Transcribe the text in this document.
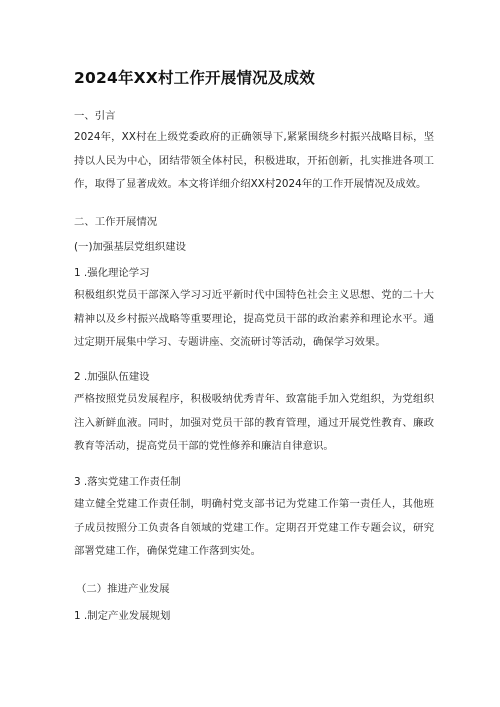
2024年XX村工作开展情况及成效
一、引言
2024年，XX村在上级党委政府的正确领导下,紧紧围绕乡村振兴战略目标，坚持以人民为中心，团结带领全体村民，积极进取，开拓创新，扎实推进各项工作，取得了显著成效。本文将详细介绍XX村2024年的工作开展情况及成效。
二、工作开展情况
(一)加强基层党组织建设
1 .强化理论学习
积极组织党员干部深入学习习近平新时代中国特色社会主义思想、党的二十大精神以及乡村振兴战略等重要理论，提高党员干部的政治素养和理论水平。通过定期开展集中学习、专题讲座、交流研讨等活动，确保学习效果。
2 .加强队伍建设
严格按照党员发展程序，积极吸纳优秀青年、致富能手加入党组织，为党组织注入新鲜血液。同时，加强对党员干部的教育管理，通过开展党性教育、廉政教育等活动，提高党员干部的党性修养和廉洁自律意识。
3 .落实党建工作责任制
建立健全党建工作责任制，明确村党支部书记为党建工作第一责任人，其他班子成员按照分工负责各自领域的党建工作。定期召开党建工作专题会议，研究部署党建工作，确保党建工作落到实处。
（二）推进产业发展
1 .制定产业发展规划
